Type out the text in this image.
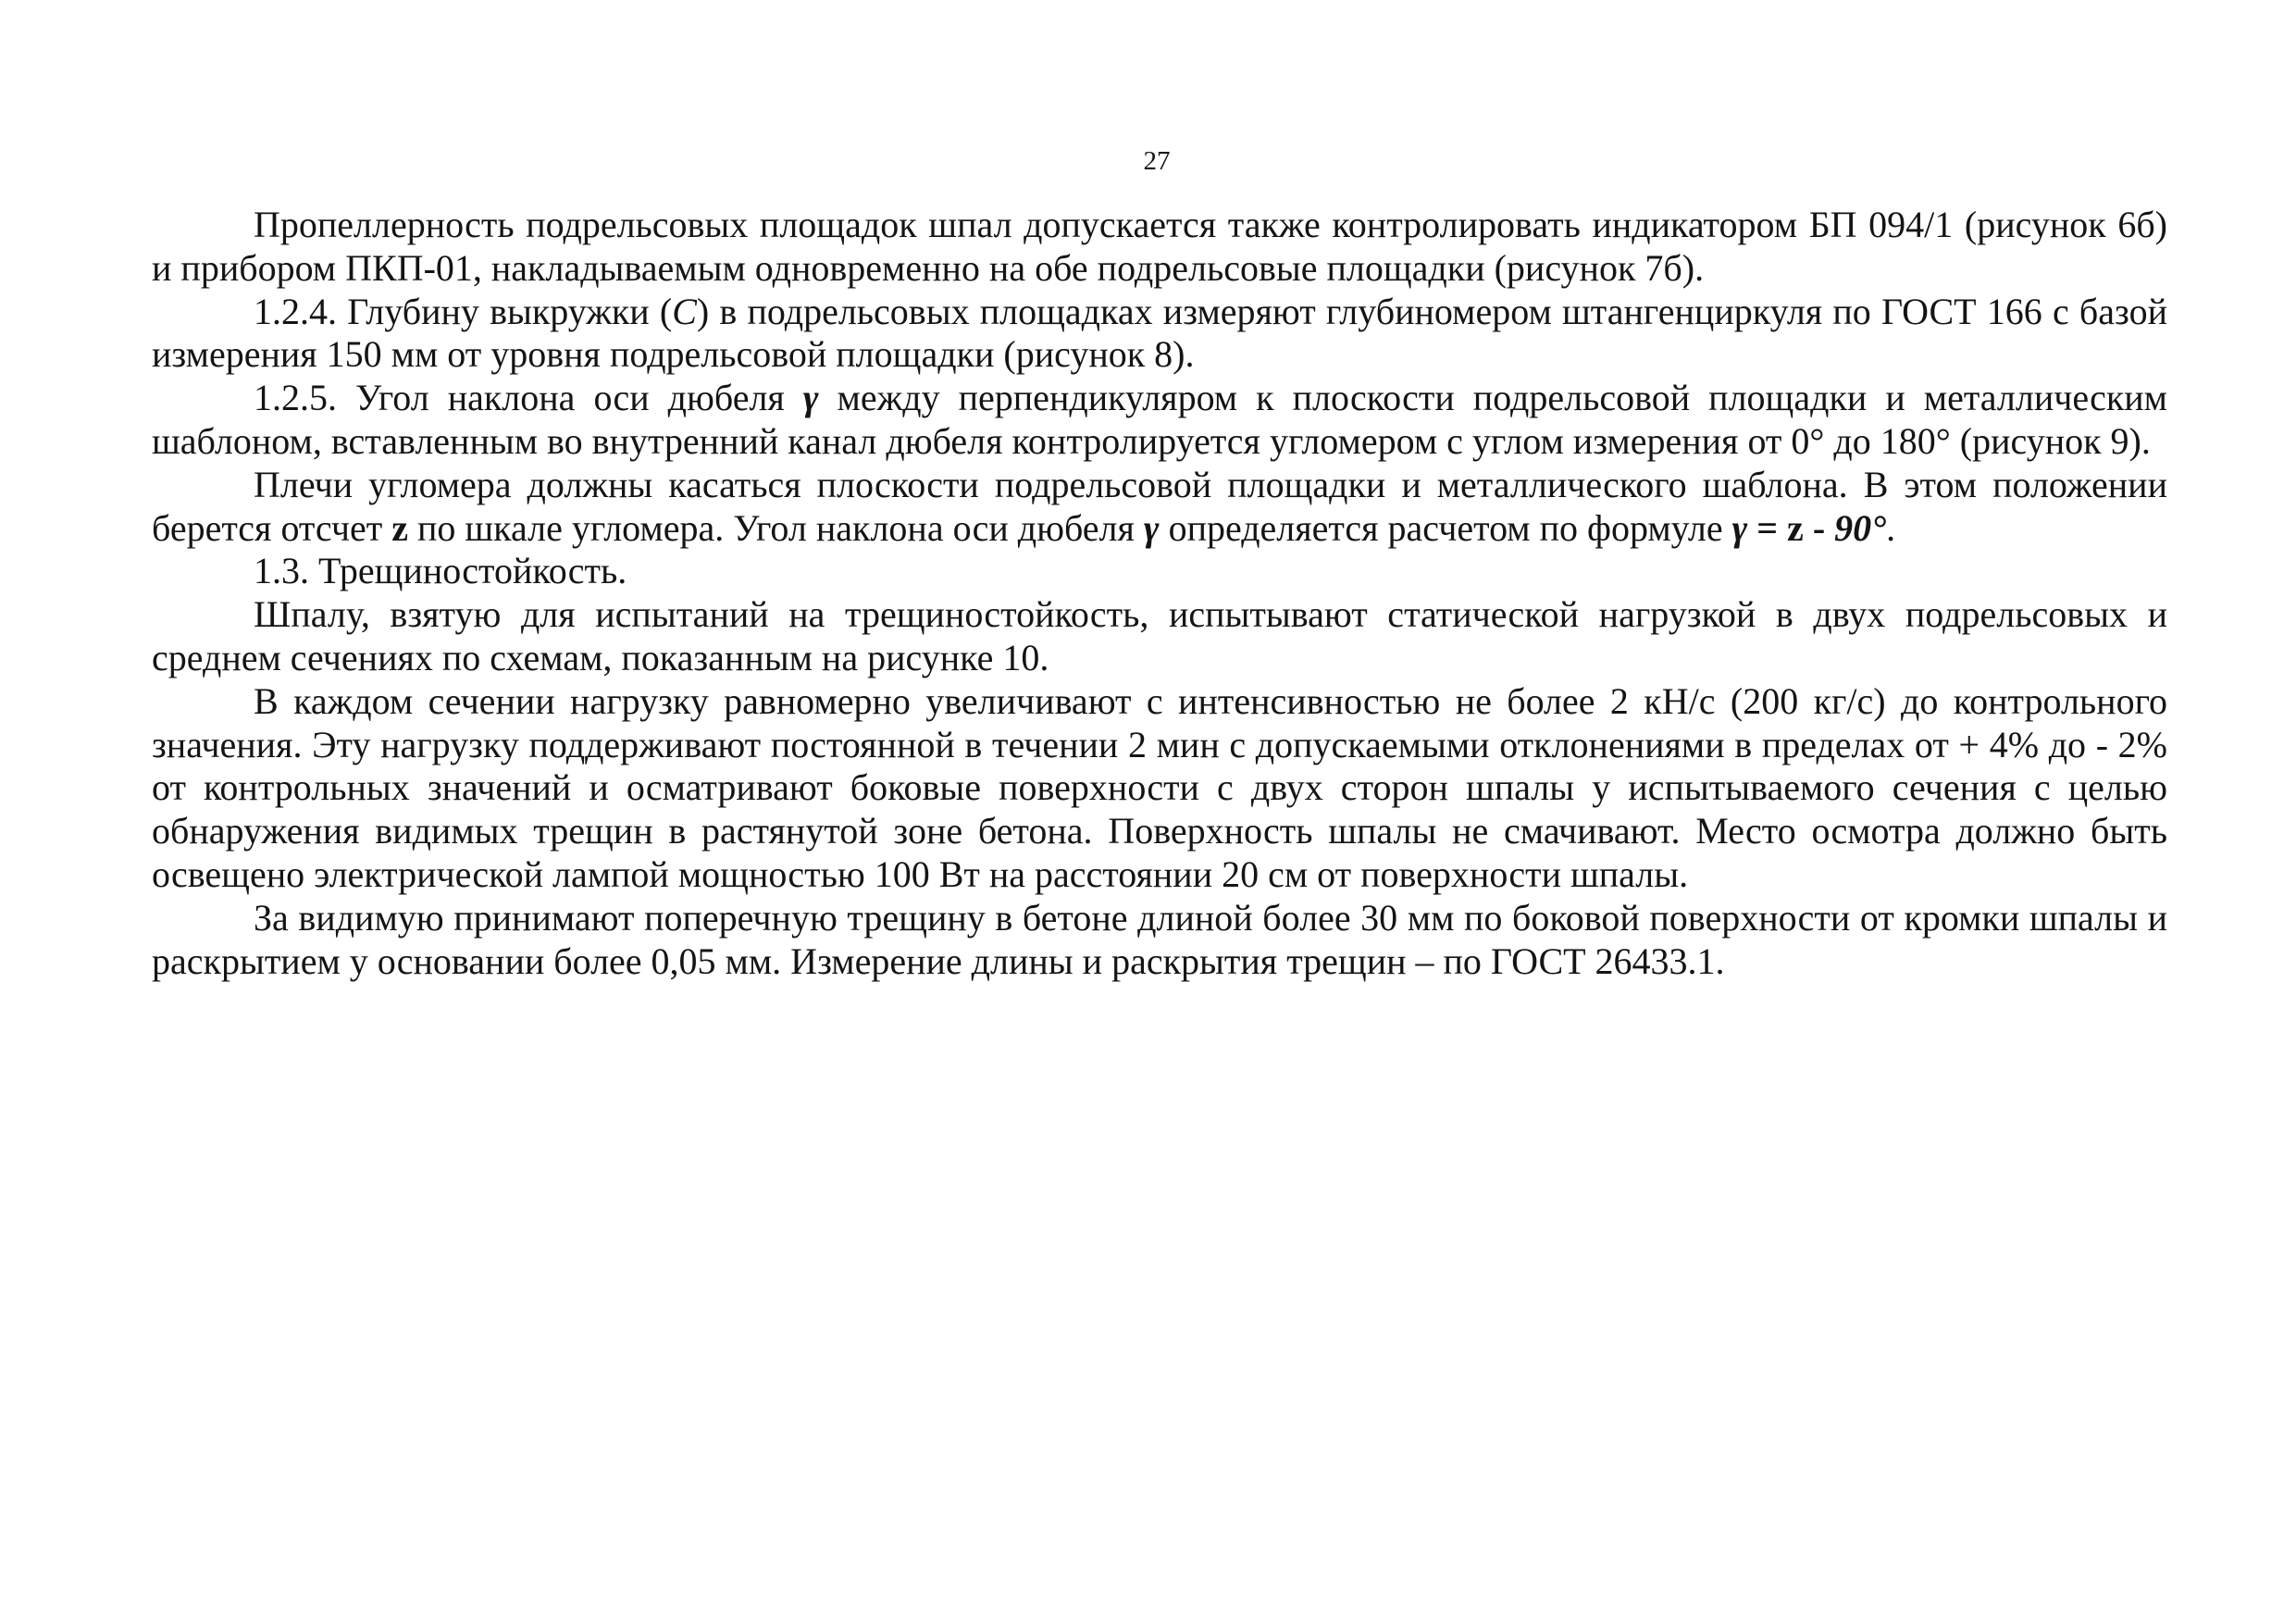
27

Пропеллерность подрельсовых площадок шпал допускается также контролировать индикатором БП 094/1 (рисунок 6б) и прибором ПКП-01, накладываемым одновременно на обе подрельсовые площадки (рисунок 7б).

1.2.4. Глубину выкружки (C) в подрельсовых площадках измеряют глубиномером штангенциркуля по ГОСТ 166 с базой измерения 150 мм от уровня подрельсовой площадки (рисунок 8).

1.2.5. Угол наклона оси дюбеля γ между перпендикуляром к плоскости подрельсовой площадки и металлическим шаблоном, вставленным во внутренний канал дюбеля контролируется угломером с углом измерения от 0° до 180° (рисунок 9).

Плечи угломера должны касаться плоскости подрельсовой площадки и металлического шаблона. В этом положении берется отсчет z по шкале угломера. Угол наклона оси дюбеля γ определяется расчетом по формуле γ = z - 90°.

1.3. Трещиностойкость.

Шпалу, взятую для испытаний на трещиностойкость, испытывают статической нагрузкой в двух подрельсовых и среднем сечениях по схемам, показанным на рисунке 10.

В каждом сечении нагрузку равномерно увеличивают с интенсивностью не более 2 кН/с (200 кг/с) до контрольного значения. Эту нагрузку поддерживают постоянной в течении 2 мин с допускаемыми отклонениями в пределах от + 4% до - 2% от контрольных значений и осматривают боковые поверхности с двух сторон шпалы у испытываемого сечения с целью обнаружения видимых трещин в растянутой зоне бетона. Поверхность шпалы не смачивают. Место осмотра должно быть освещено электрической лампой мощностью 100 Вт на расстоянии 20 см от поверхности шпалы.

За видимую принимают поперечную трещину в бетоне длиной более 30 мм по боковой поверхности от кромки шпалы и раскрытием у основании более 0,05 мм. Измерение длины и раскрытия трещин – по ГОСТ 26433.1.
